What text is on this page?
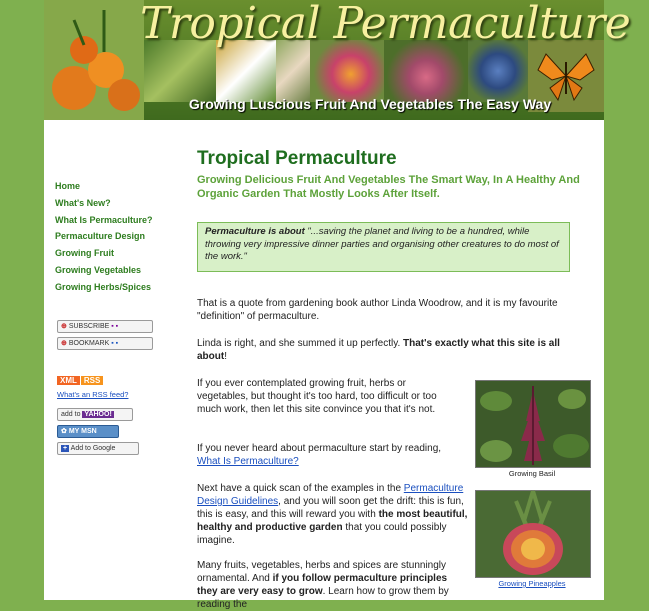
Tropical Permaculture
Growing Luscious Fruit And Vegetables The Easy Way
Home
What's New?
What Is Permaculture?
Permaculture Design
Growing Fruit
Growing Vegetables
Growing Herbs/Spices
⊕ SUBSCRIBE ▪ ▪
⊕ BOOKMARK ▪ ▪
XML RSS
What's an RSS feed?
add to YAHOO!
✿ MY MSN
+ Add to Google
Tropical Permaculture
Growing Delicious Fruit And Vegetables The Smart Way, In A Healthy And Organic Garden That Mostly Looks After Itself.
Permaculture is about "...saving the planet and living to be a hundred, while throwing very impressive dinner parties and organising other creatures to do most of the work."
That is a quote from gardening book author Linda Woodrow, and it is my favourite "definition" of permaculture.
Linda is right, and she summed it up perfectly. That's exactly what this site is all about!
If you ever contemplated growing fruit, herbs or vegetables, but thought it's too hard, too difficult or too much work, then let this site convince you that it's not.
If you never heard about permaculture start by reading, What Is Permaculture?
Next have a quick scan of the examples in the Permaculture Design Guidelines, and you will soon get the drift: this is fun, this is easy, and this will reward you with the most beautiful, healthy and productive garden that you could possibly imagine.
Many fruits, vegetables, herbs and spices are stunningly ornamental. And if you follow permaculture principles they are very easy to grow. Learn how to grow them by reading the
Growing Basil
Growing Pineapples
